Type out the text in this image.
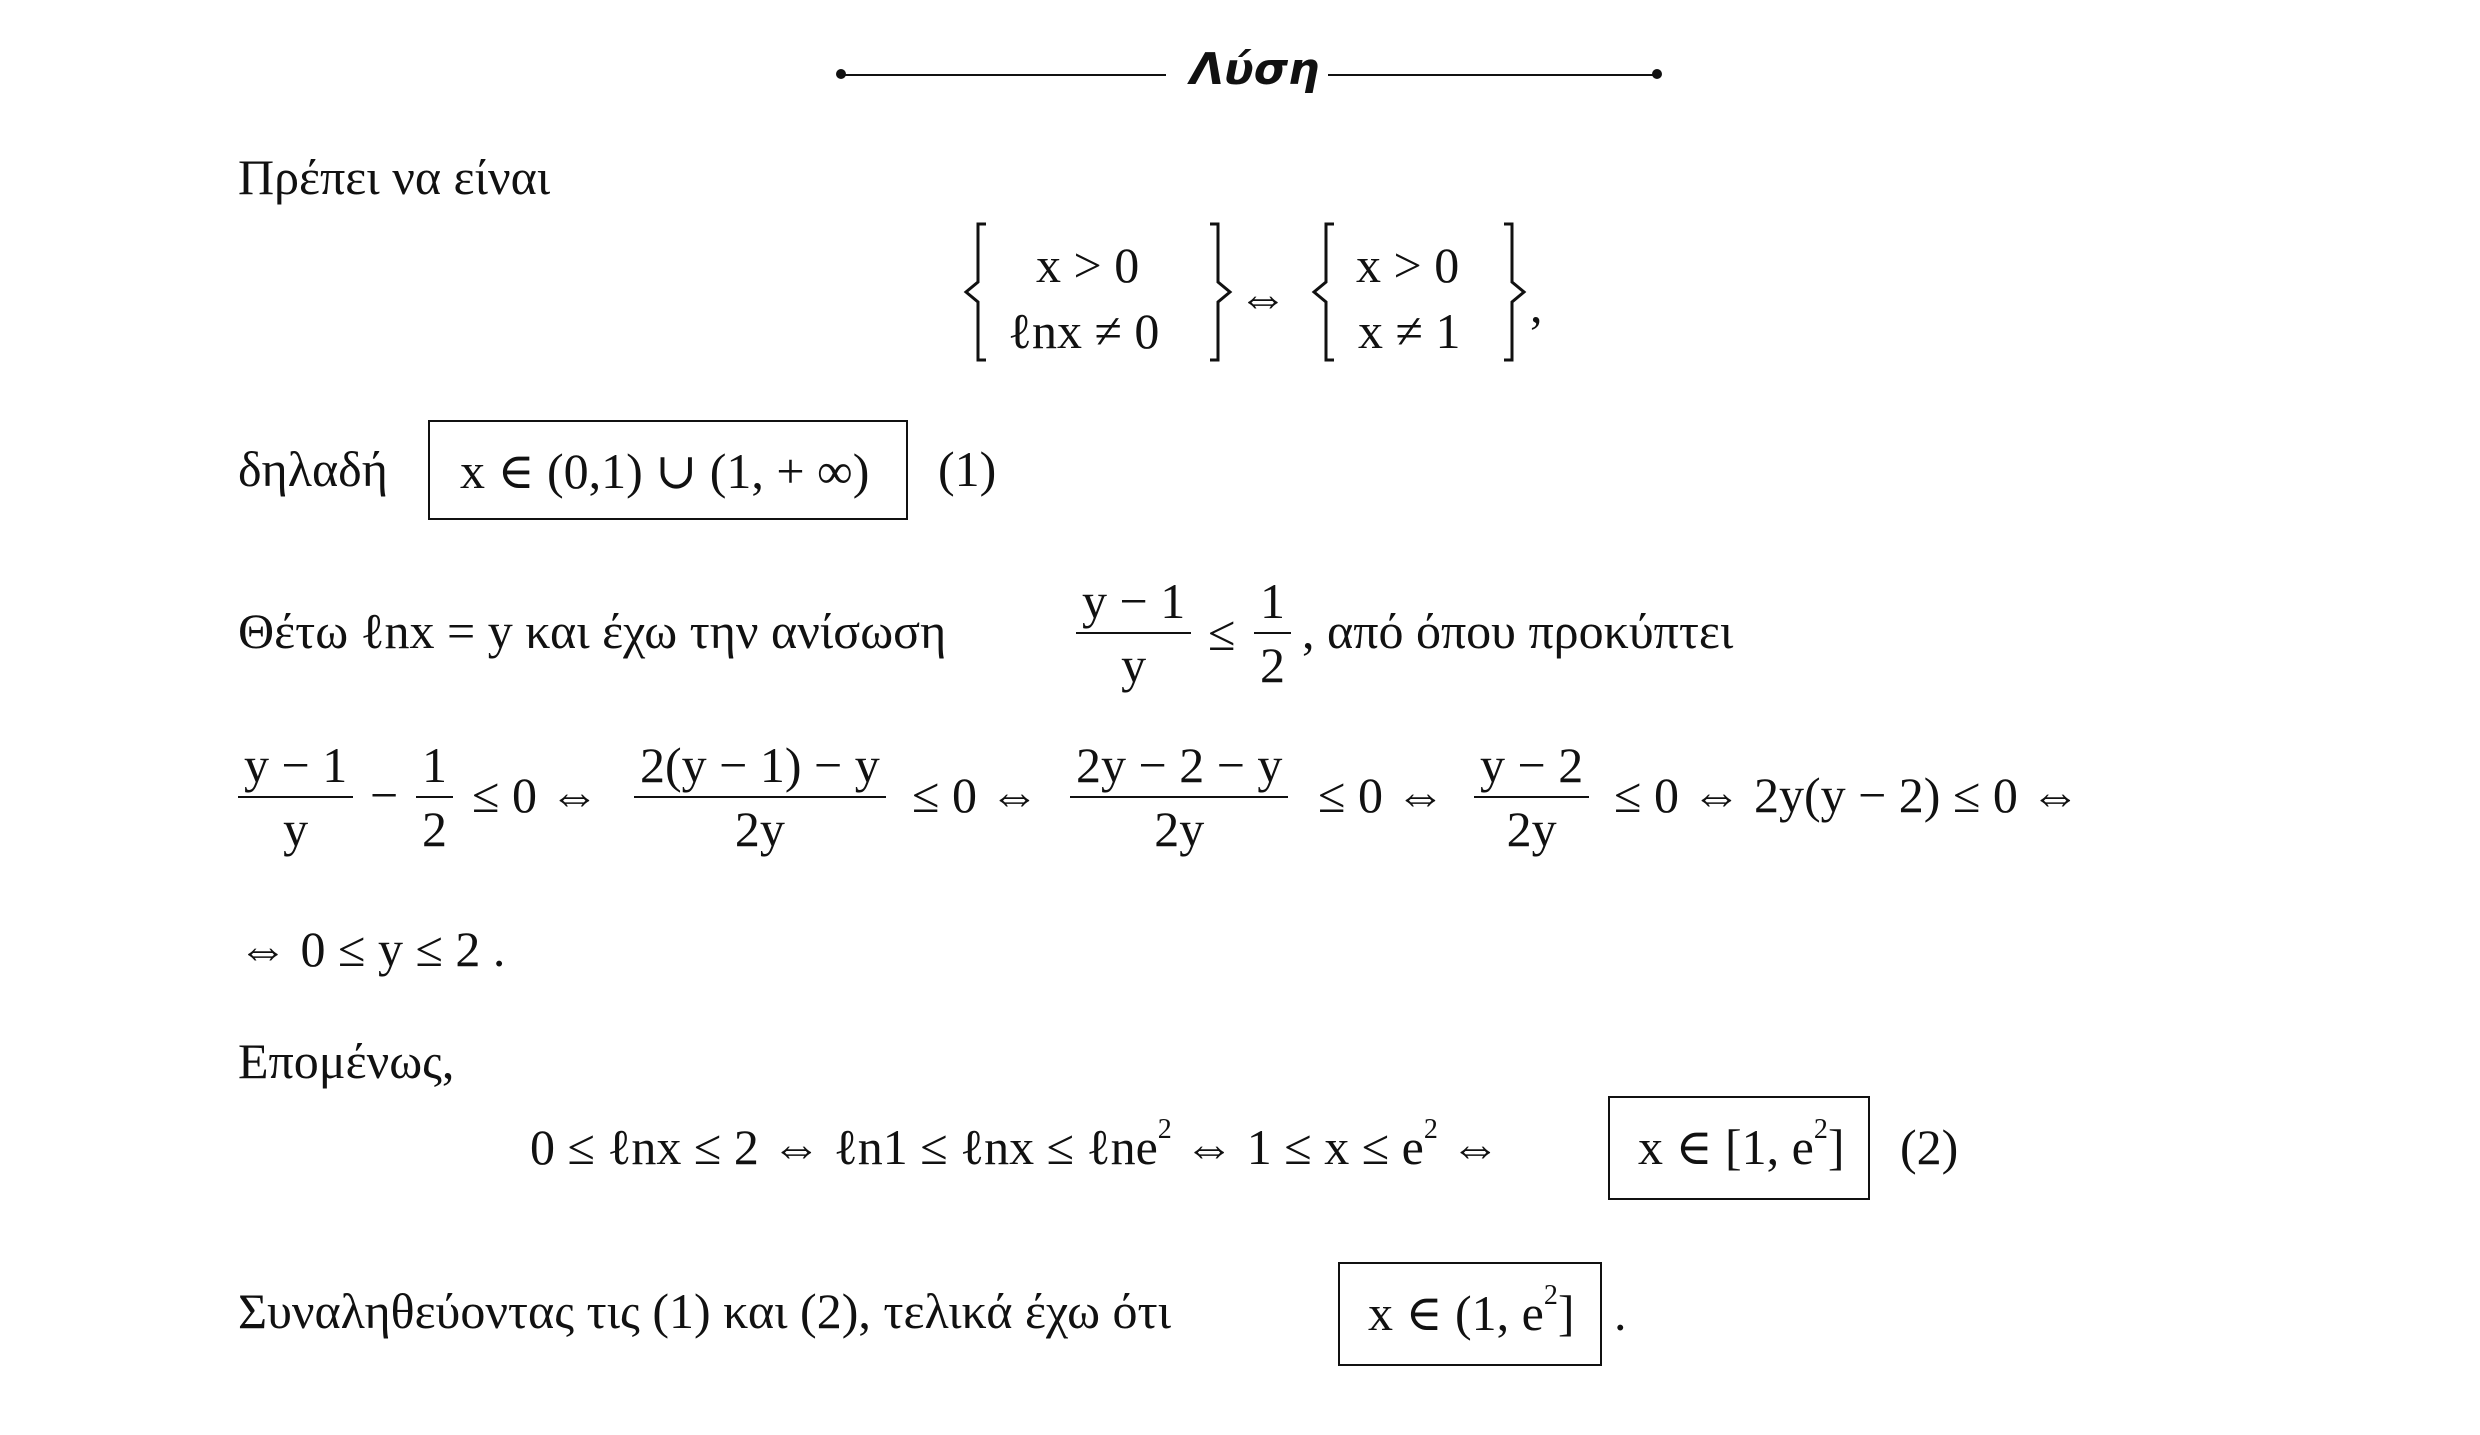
Λύση
Πρέπει να είναι
x > 0
ℓnx ≠ 0
⇔
x > 0
x ≠ 1 ,
δηλαδή x ∈ (0,1) ∪ (1, + ∞) (1)
Θέτω ℓnx = y και έχω την ανίσωση
y − 1
y
≤
1
2
, από όπου προκύπτει
y − 1
y
−
1
2
≤ 0 ⇔
2(y − 1) − y
2y
≤ 0 ⇔
2y − 2 − y
2y
≤ 0 ⇔
y − 2
2y
≤ 0 ⇔ 2y(y − 2) ≤ 0 ⇔
⇔ 0 ≤ y ≤ 2 .
Επομένως,
0 ≤ ℓnx ≤ 2 ⇔ ℓn1 ≤ ℓnx ≤ ℓne$^2$ ⇔ $1 \le x \le e^2$ ⇔	x ∈ [1, $e^2$] (2)
Συναληθεύοντας τις (1) και (2), τελικά έχω ότι	x ∈ (1, $e^2$] .
